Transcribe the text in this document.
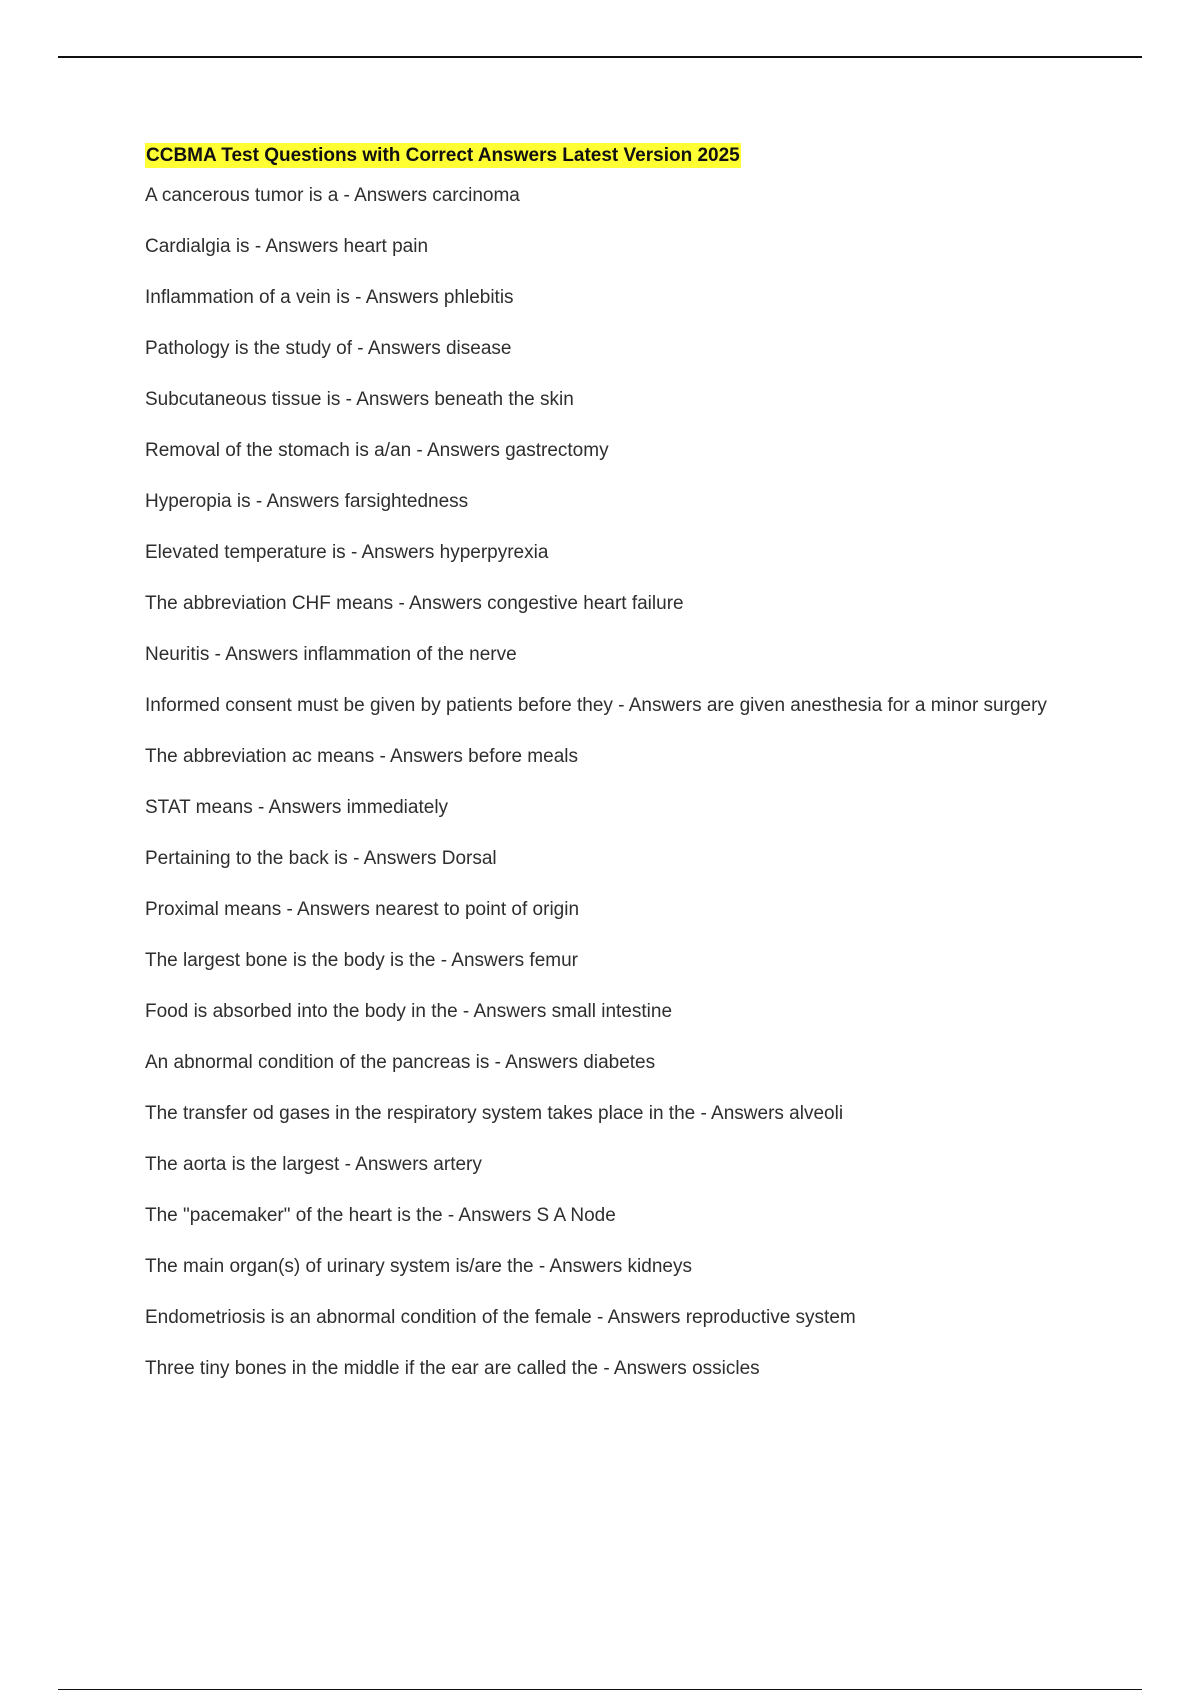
CCBMA Test Questions with Correct Answers Latest Version 2025
A cancerous tumor is a - Answers carcinoma
Cardialgia is - Answers heart pain
Inflammation of a vein is - Answers phlebitis
Pathology is the study of - Answers disease
Subcutaneous tissue is - Answers beneath the skin
Removal of the stomach is a/an - Answers gastrectomy
Hyperopia is - Answers farsightedness
Elevated temperature is - Answers hyperpyrexia
The abbreviation CHF means - Answers congestive heart failure
Neuritis - Answers inflammation of the nerve
Informed consent must be given by patients before they - Answers are given anesthesia for a minor surgery
The abbreviation ac means - Answers before meals
STAT means - Answers immediately
Pertaining to the back is - Answers Dorsal
Proximal means - Answers nearest to point of origin
The largest bone is the body is the - Answers femur
Food is absorbed into the body in the - Answers small intestine
An abnormal condition of the pancreas is - Answers diabetes
The transfer od gases in the respiratory system takes place in the - Answers alveoli
The aorta is the largest - Answers artery
The "pacemaker" of the heart is the - Answers S A Node
The main organ(s) of urinary system is/are the - Answers kidneys
Endometriosis is an abnormal condition of the female - Answers reproductive system
Three tiny bones in the middle if the ear are called the - Answers ossicles
